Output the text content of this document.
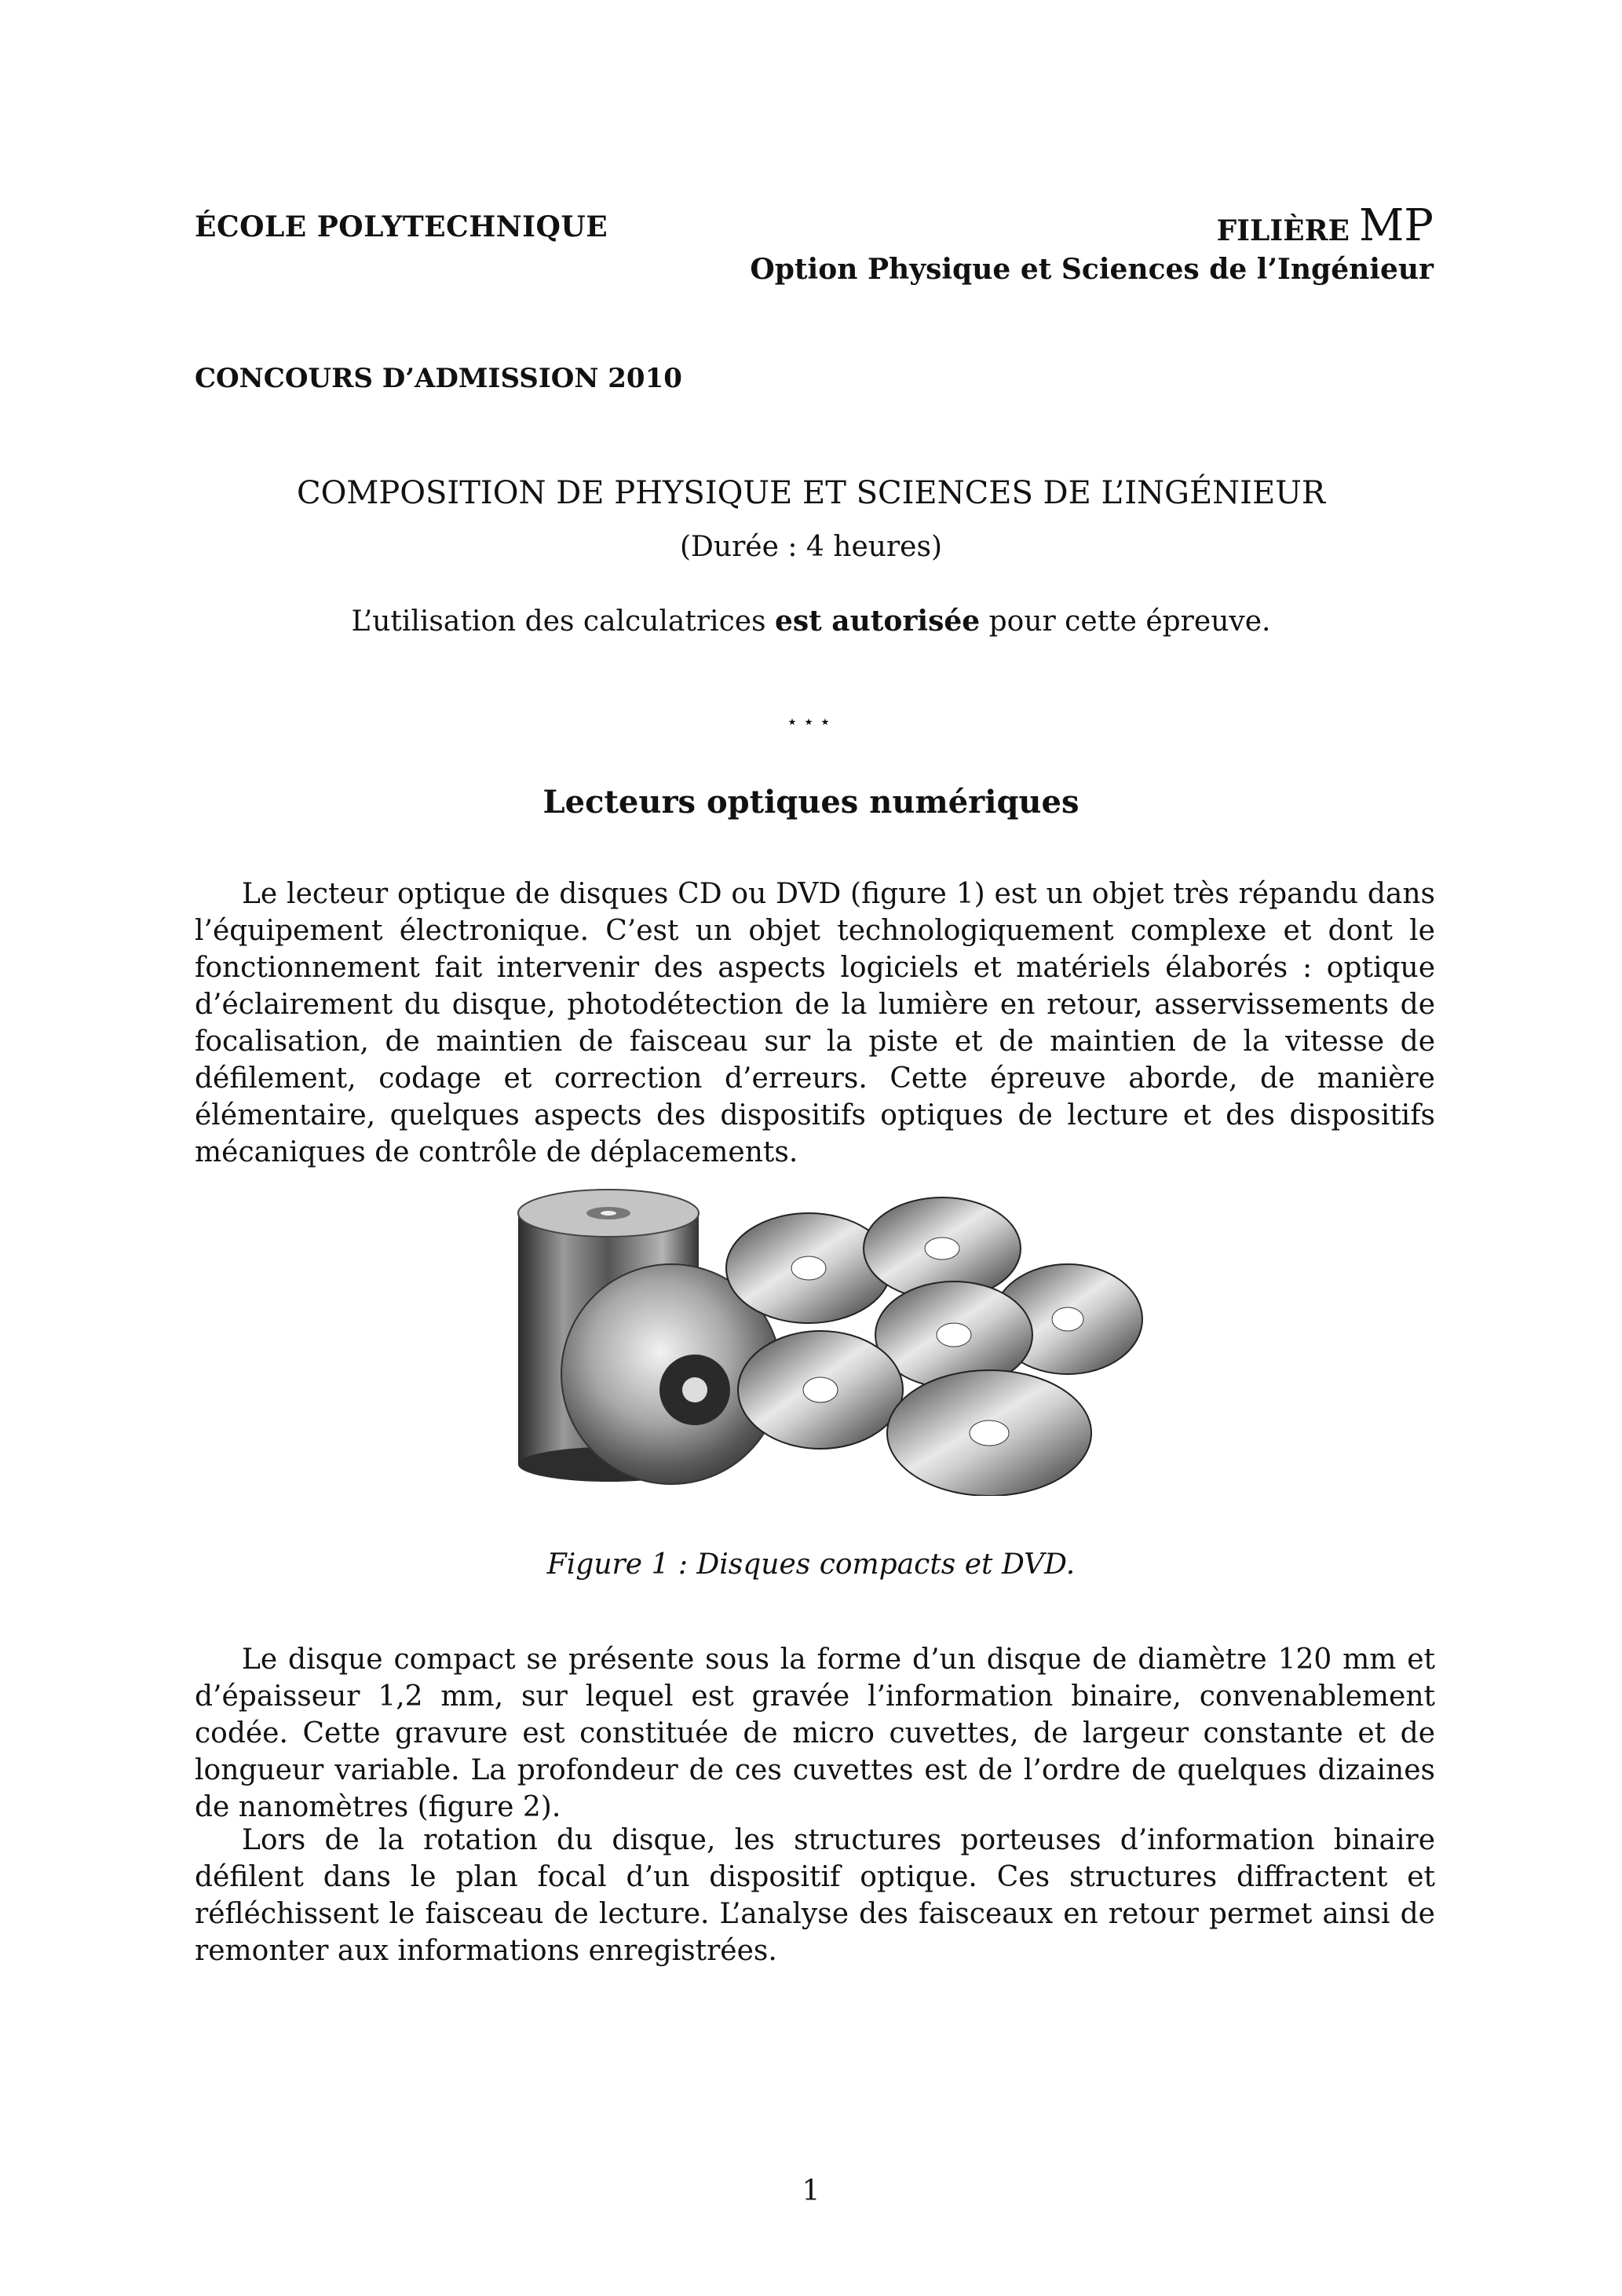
ÉCOLE POLYTECHNIQUE	FILIÈRE MP
Option Physique et Sciences de l’Ingénieur
CONCOURS D’ADMISSION 2010
COMPOSITION DE PHYSIQUE ET SCIENCES DE L’INGÉNIEUR
(Durée : 4 heures)
L’utilisation des calculatrices est autorisée pour cette épreuve.
⋆⋆⋆
Lecteurs optiques numériques

Le lecteur optique de disques CD ou DVD (figure 1) est un objet très répandu dans l’équipement électronique. C’est un objet technologiquement complexe et dont le fonctionnement fait intervenir des aspects logiciels et matériels élaborés : optique d’éclairement du disque, photodétection de la lumière en retour, asservissements de focalisation, de maintien de faisceau sur la piste et de maintien de la vitesse de défilement, codage et correction d’erreurs. Cette épreuve aborde, de manière élémentaire, quelques aspects des dispositifs optiques de lecture et des dispositifs mécaniques de contrôle de déplacements.

Figure 1 : Disques compacts et DVD.

Le disque compact se présente sous la forme d’un disque de diamètre 120 mm et d’épaisseur 1,2 mm, sur lequel est gravée l’information binaire, convenablement codée. Cette gravure est constituée de micro cuvettes, de largeur constante et de longueur variable. La profondeur de ces cuvettes est de l’ordre de quelques dizaines de nanomètres (figure 2).

Lors de la rotation du disque, les structures porteuses d’information binaire défilent dans le plan focal d’un dispositif optique. Ces structures diffractent et réfléchissent le faisceau de lecture. L’analyse des faisceaux en retour permet ainsi de remonter aux informations enregistrées.

1
